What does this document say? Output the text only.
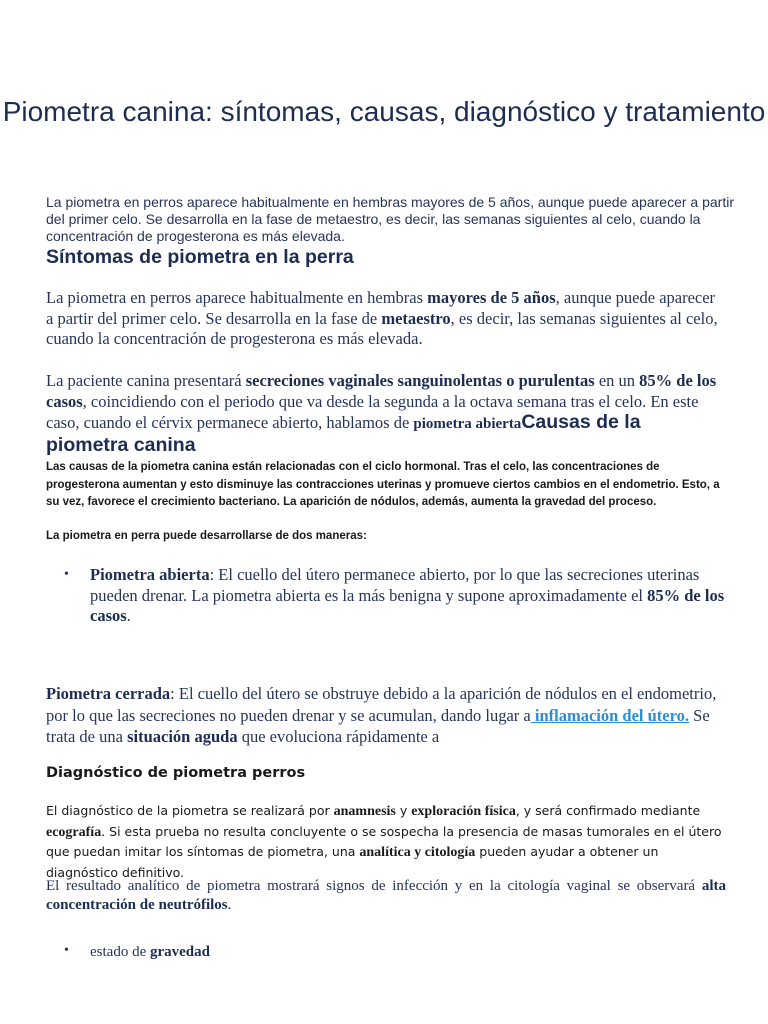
Piometra canina: síntomas, causas, diagnóstico y tratamiento
La piometra en perros aparece habitualmente en hembras mayores de 5 años, aunque puede aparecer a partir del primer celo. Se desarrolla en la fase de metaestro, es decir, las semanas siguientes al celo, cuando la concentración de progesterona es más elevada.
Síntomas de piometra en la perra
La piometra en perros aparece habitualmente en hembras mayores de 5 años, aunque puede aparecer a partir del primer celo. Se desarrolla en la fase de metaestro, es decir, las semanas siguientes al celo, cuando la concentración de progesterona es más elevada.
La paciente canina presentará secreciones vaginales sanguinolentas o purulentas en un 85% de los casos, coincidiendo con el periodo que va desde la segunda a la octava semana tras el celo. En este caso, cuando el cérvix permanece abierto, hablamos de piometra abiertaCausas de la piometra canina
Las causas de la piometra canina están relacionadas con el ciclo hormonal. Tras el celo, las concentraciones de progesterona aumentan y esto disminuye las contracciones uterinas y promueve ciertos cambios en el endometrio. Esto, a su vez, favorece el crecimiento bacteriano. La aparición de nódulos, además, aumenta la gravedad del proceso.
La piometra en perra puede desarrollarse de dos maneras:
• Piometra abierta: El cuello del útero permanece abierto, por lo que las secreciones uterinas pueden drenar. La piometra abierta es la más benigna y supone aproximadamente el 85% de los casos.
Piometra cerrada: El cuello del útero se obstruye debido a la aparición de nódulos en el endometrio, por lo que las secreciones no pueden drenar y se acumulan, dando lugar a inflamación del útero. Se trata de una situación aguda que evoluciona rápidamente a
Diagnóstico de piometra perros
El diagnóstico de la piometra se realizará por anamnesis y exploración física, y será confirmado mediante ecografía. Si esta prueba no resulta concluyente o se sospecha la presencia de masas tumorales en el útero que puedan imitar los síntomas de piometra, una analítica y citología pueden ayudar a obtener un diagnóstico definitivo.
El resultado analítico de piometra mostrará signos de infección y en la citología vaginal se observará alta concentración de neutrófilos.
• estado de gravedad
